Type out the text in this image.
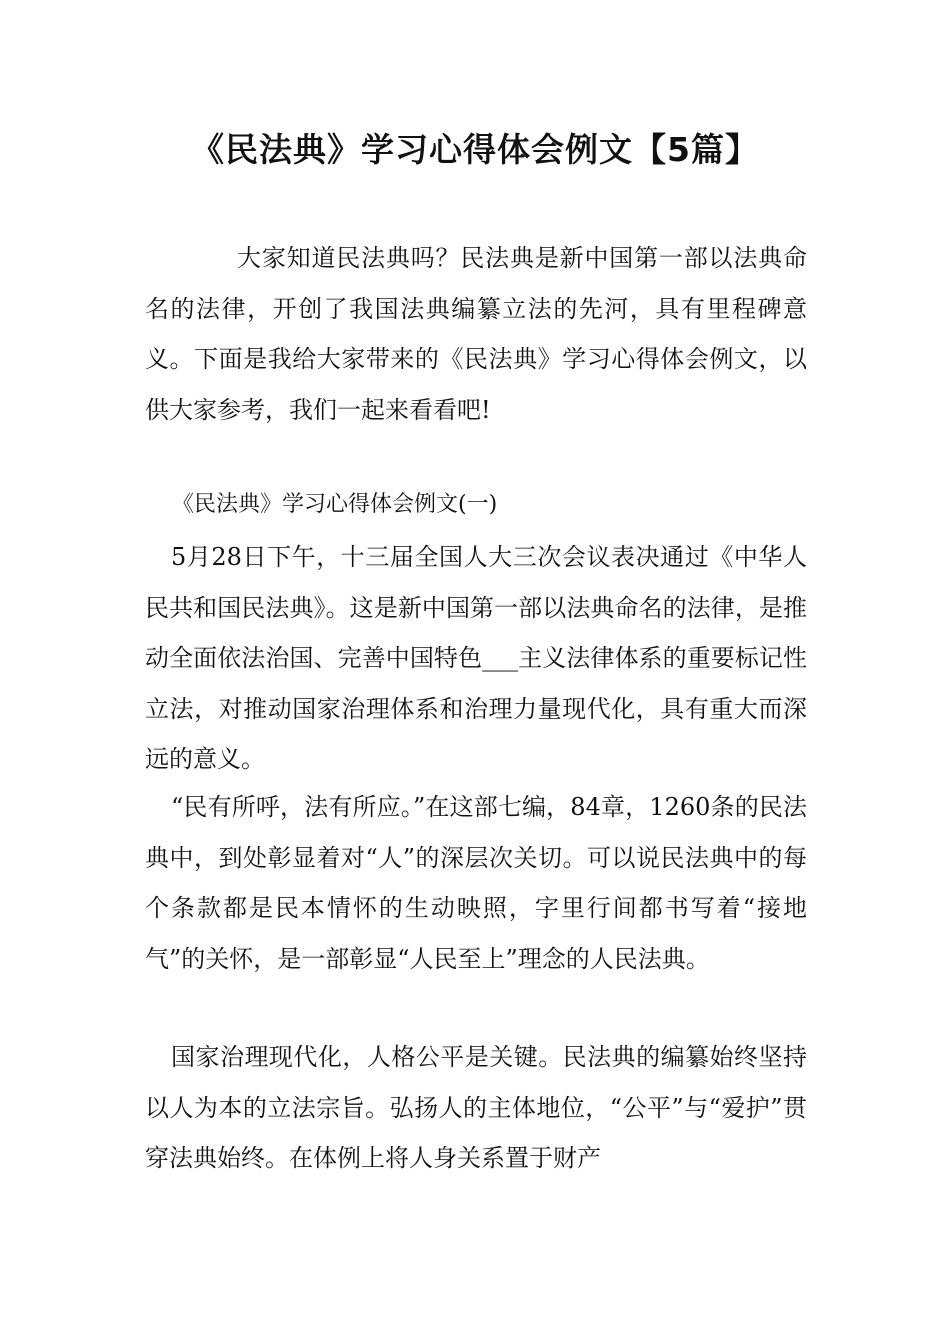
《民法典》学习心得体会例文【5篇】

大家知道民法典吗？民法典是新中国第一部以法典命名的法律，开创了我国法典编纂立法的先河，具有里程碑意义。下面是我给大家带来的《民法典》学习心得体会例文，以供大家参考，我们一起来看看吧!

《民法典》学习心得体会例文(一)

5月28日下午，十三届全国人大三次会议表决通过《中华人民共和国民法典》。这是新中国第一部以法典命名的法律，是推动全面依法治国、完善中国特色___主义法律体系的重要标记性立法，对推动国家治理体系和治理力量现代化，具有重大而深远的意义。

“民有所呼，法有所应。”在这部七编，84章，1260条的民法典中，到处彰显着对“人”的深层次关切。可以说民法典中的每个条款都是民本情怀的生动映照，字里行间都书写着“接地气”的关怀，是一部彰显“人民至上”理念的人民法典。

国家治理现代化，人格公平是关键。民法典的编纂始终坚持以人为本的立法宗旨。弘扬人的主体地位，“公平”与“爱护”贯穿法典始终。在体例上将人身关系置于财产
